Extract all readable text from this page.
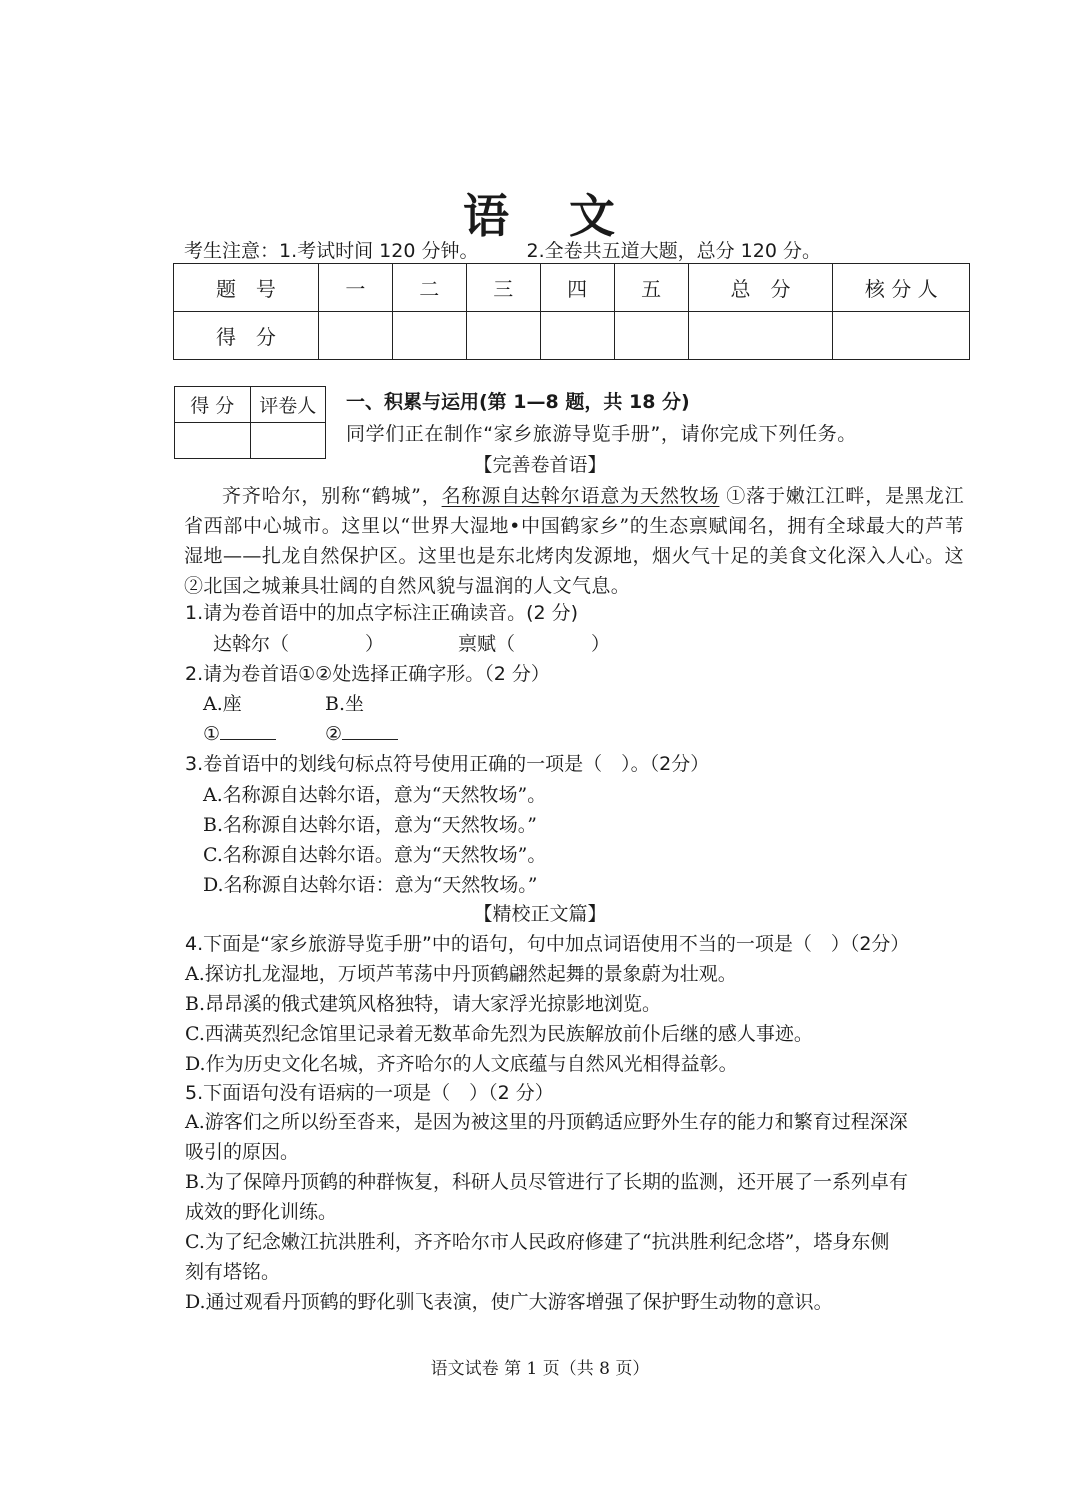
语 文
考生注意：1.考试时间 120 分钟。	2.全卷共五道大题，总分 120 分。
题　号	一	二	三	四	五	总　分	核 分 人
得　分							
得 分	评卷人
	一、积累与运用(第 1—8 题，共 18 分)
同学们正在制作“家乡旅游导览手册”，请你完成下列任务。
【完善卷首语】
齐齐哈尔，别称“鹤城”，名称源自达斡尔语意为天然牧场 ①落于嫩江江畔，是黑龙江省西部中心城市。这里以“世界大湿地•中国鹤家乡”的生态禀赋闻名，拥有全球最大的芦苇湿地——扎龙自然保护区。这里也是东北烤肉发源地，烟火气十足的美食文化深入人心。这②北国之城兼具壮阔的自然风貌与温润的人文气息。
1.请为卷首语中的加点字标注正确读音。(2 分)
达斡尔（　　　　）	禀赋（　　　　）
2.请为卷首语①②处选择正确字形。（2 分）
A.座	B.坐
①	②
3.卷首语中的划线句标点符号使用正确的一项是（　）。（2分）
A.名称源自达斡尔语，意为“天然牧场”。
B.名称源自达斡尔语，意为“天然牧场。”
C.名称源自达斡尔语。意为“天然牧场”。
D.名称源自达斡尔语：意为“天然牧场。”
【精校正文篇】
4.下面是“家乡旅游导览手册”中的语句，句中加点词语使用不当的一项是（　）（2分）
A.探访扎龙湿地，万顷芦苇荡中丹顶鹤翩然起舞的景象蔚为壮观。
B.昂昂溪的俄式建筑风格独特，请大家浮光掠影地浏览。
C.西满英烈纪念馆里记录着无数革命先烈为民族解放前仆后继的感人事迹。
D.作为历史文化名城，齐齐哈尔的人文底蕴与自然风光相得益彰。
5.下面语句没有语病的一项是（　）（2 分）
A.游客们之所以纷至沓来，是因为被这里的丹顶鹤适应野外生存的能力和繁育过程深深
吸引的原因。
B.为了保障丹顶鹤的种群恢复，科研人员尽管进行了长期的监测，还开展了一系列卓有
成效的野化训练。
C.为了纪念嫩江抗洪胜利，齐齐哈尔市人民政府修建了“抗洪胜利纪念塔”，塔身东侧
刻有塔铭。
D.通过观看丹顶鹤的野化驯飞表演，使广大游客增强了保护野生动物的意识。
语文试卷 第 1 页（共 8 页）
